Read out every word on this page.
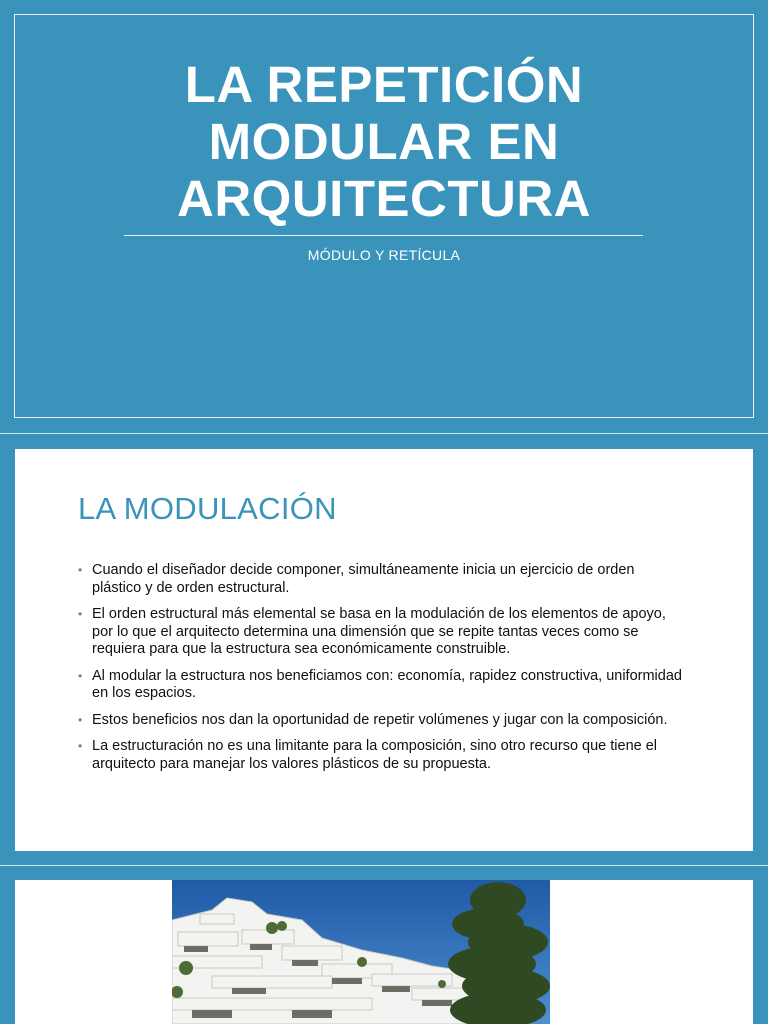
LA REPETICIÓN
MODULAR EN
ARQUITECTURA
MÓDULO Y RETÍCULA
LA MODULACIÓN
• Cuando el diseñador decide componer, simultáneamente inicia un ejercicio de orden plástico y de orden estructural.
• El orden estructural más elemental se basa en la modulación de los elementos de apoyo, por lo que el arquitecto determina una dimensión que se repite tantas veces como se requiera para que la estructura sea económicamente construible.
• Al modular la estructura nos beneficiamos con: economía, rapidez constructiva, uniformidad en los espacios.
• Estos beneficios nos dan la oportunidad de repetir volúmenes y jugar con la composición.
• La estructuración no es una limitante para la composición, sino otro recurso que tiene el arquitecto para manejar los valores plásticos de su propuesta.
